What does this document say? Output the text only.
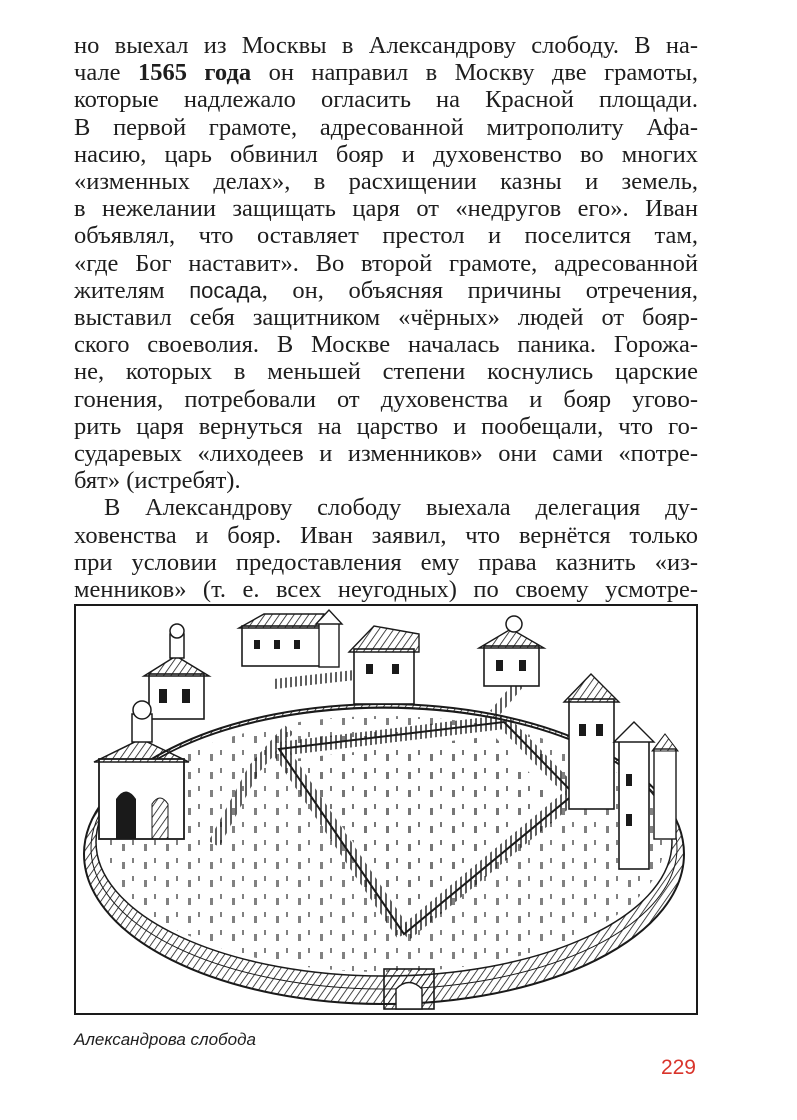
но выехал из Москвы в Александрову слободу. В на-
чале 1565 года он направил в Москву две грамоты,
которые надлежало огласить на Красной площади.
В первой грамоте, адресованной митрополиту Афа-
насию, царь обвинил бояр и духовенство во многих
«изменных делах», в расхищении казны и земель,
в нежелании защищать царя от «недругов его». Иван
объявлял, что оставляет престол и поселится там,
«где Бог наставит». Во второй грамоте, адресованной
жителям посада, он, объясняя причины отречения,
выставил себя защитником «чёрных» людей от бояр-
ского своеволия. В Москве началась паника. Горожа-
не, которых в меньшей степени коснулись царские
гонения, потребовали от духовенства и бояр угово-
рить царя вернуться на царство и пообещали, что го-
сударевых «лиходеев и изменников» они сами «потре-
бят» (истребят).
В Александрову слободу выехала делегация ду-
ховенства и бояр. Иван заявил, что вернётся только
при условии предоставления ему права казнить «из-
менников» (т. е. всех неугодных) по своему усмотре-
Александрова слобода
229
